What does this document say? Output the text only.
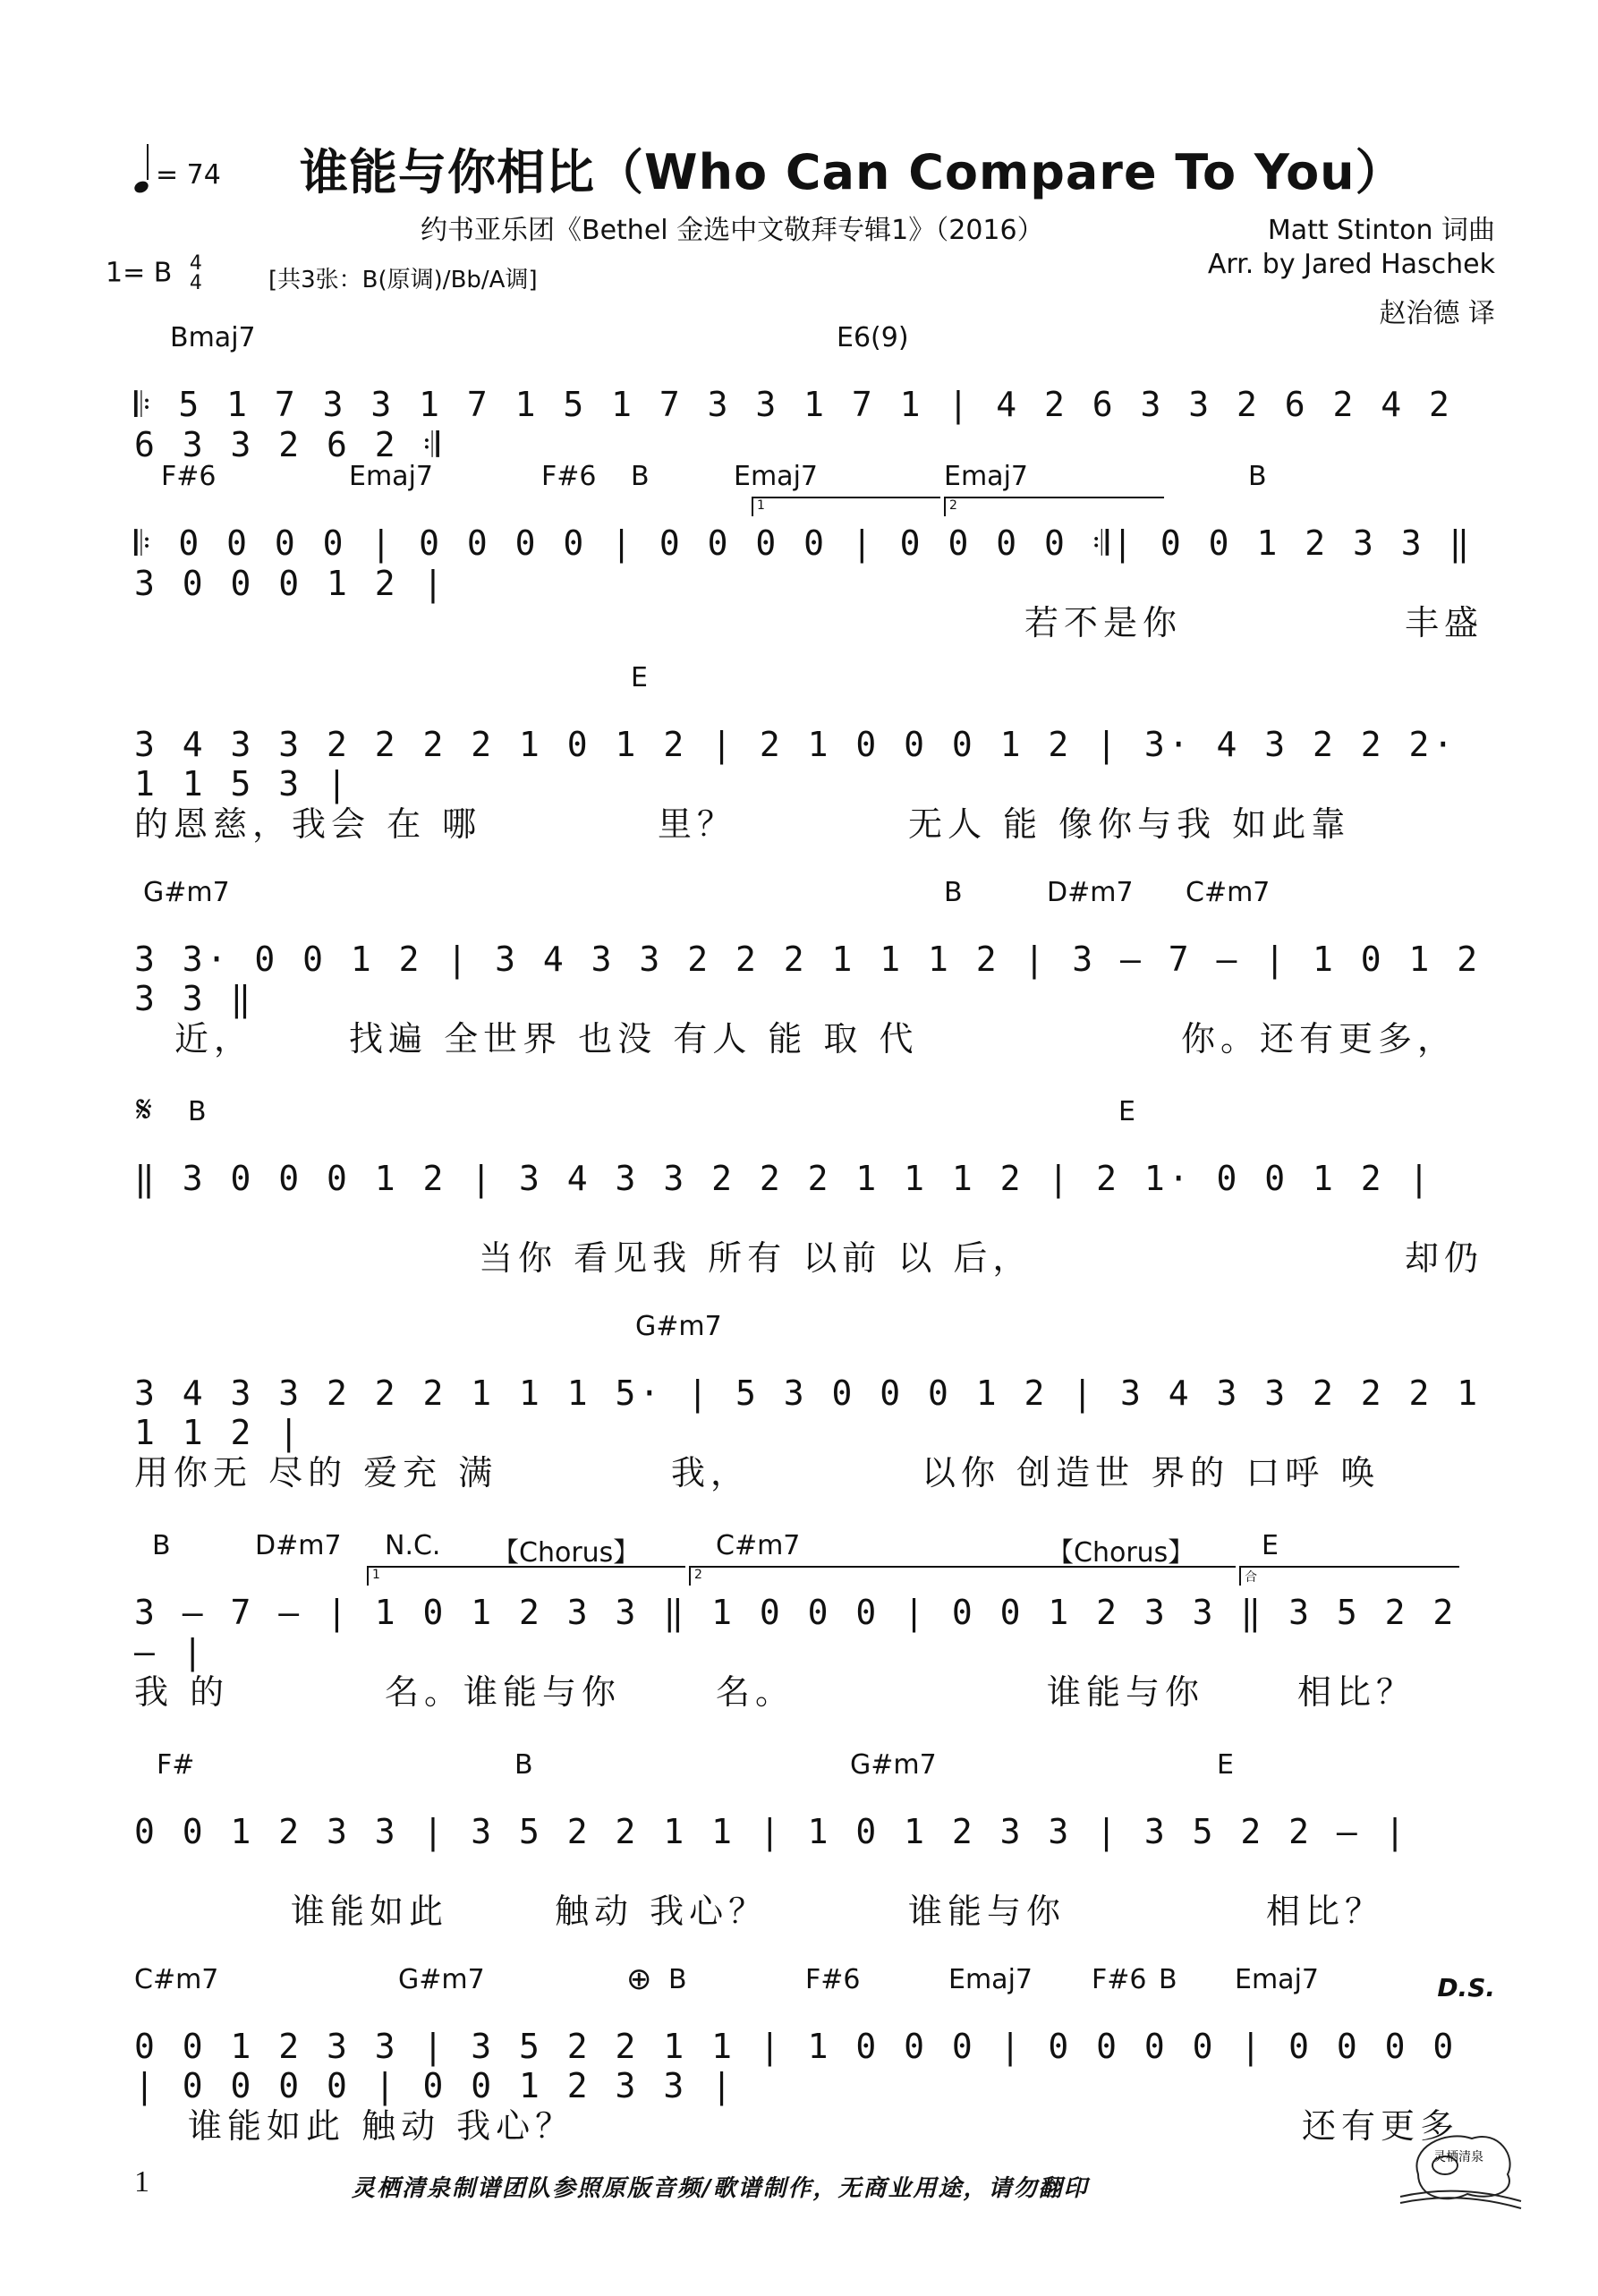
= 74 谁能与你相比（Who Can Compare To You）
约书亚乐团《Bethel 金选中文敬拜专辑1》（2016）	Matt Stinton 词曲
Arr. by Jared Haschek
赵治德 译
1= B 4
4	[共3张：B(原调)/Bb/A调]
Bmaj7	E6(9)
𝄆 5 1 7 3 3 1 7 1 5 1 7 3 3 1 7 1 | 4 2 6 3 3 2 6 2 4 2 6 3 3 2 6 2 𝄇
F#6	Emaj7	F#6 B	Emaj7	Emaj7	B
𝄆 0 0 0 0 | 0 0 0 0 | 0 0 0 0 | 0 0 0 0 𝄇| 0 0 1 2 3 3 ‖ 3 0 0 0 1 2 |
1	2
若不是你	丰盛
E
3 4 3 3 2 2 2 2 1 0 1 2 | 2 1 0 0 0 1 2 | 3· 4 3 2 2 2· 1 1 5 3 |
的恩慈，我会 在 哪	里？	无人 能 像你与我 如此靠
G#m7	B	D#m7 C#m7
3 3· 0 0 1 2 | 3 4 3 3 2 2 2 1 1 1 2 | 3 – 7 – | 1 0 1 2 3 3 ‖
近，	找遍 全世界 也没 有人 能 取 代	你。还有更多，
B	E
‖ 3 0 0 0 1 2 | 3 4 3 3 2 2 2 1 1 1 2 | 2 1· 0 0 1 2 |
当你 看见我 所有 以前 以 后，	却仍
G#m7
3 4 3 3 2 2 2 1 1 1 5· | 5 3 0 0 0 1 2 | 3 4 3 3 2 2 2 1 1 1 2 |
用你无 尽的 爱充 满	我，	以你 创造世 界的 口呼 唤
B	D#m7 N.C. 【Chorus】	C#m7	【Chorus】 E
3 – 7 – | 1 0 1 2 3 3 ‖ 1 0 0 0 | 0 0 1 2 3 3 ‖ 3 5 2 2 – |
1	2	合
我 的	名。谁能与你	名。	谁能与你	相比？
F#	B	G#m7	E
0 0 1 2 3 3 | 3 5 2 2 1 1 | 1 0 1 2 3 3 | 3 5 2 2 – |
谁能如此	触动 我心？	谁能与你	相比？
C#m7	G#m7	B	F#6	Emaj7 F#6 B Emaj7
0 0 1 2 3 3 | 3 5 2 2 1 1 | 1 0 0 0 | 0 0 0 0 | 0 0 0 0 | 0 0 0 0 | 0 0 1 2 3 3 |
谁能如此 触动 我心？	还有更多
𝄋
⊕	D.S.
1	灵栖清泉制谱团队参照原版音频/歌谱制作，无商业用途，请勿翻印
灵栖清泉
